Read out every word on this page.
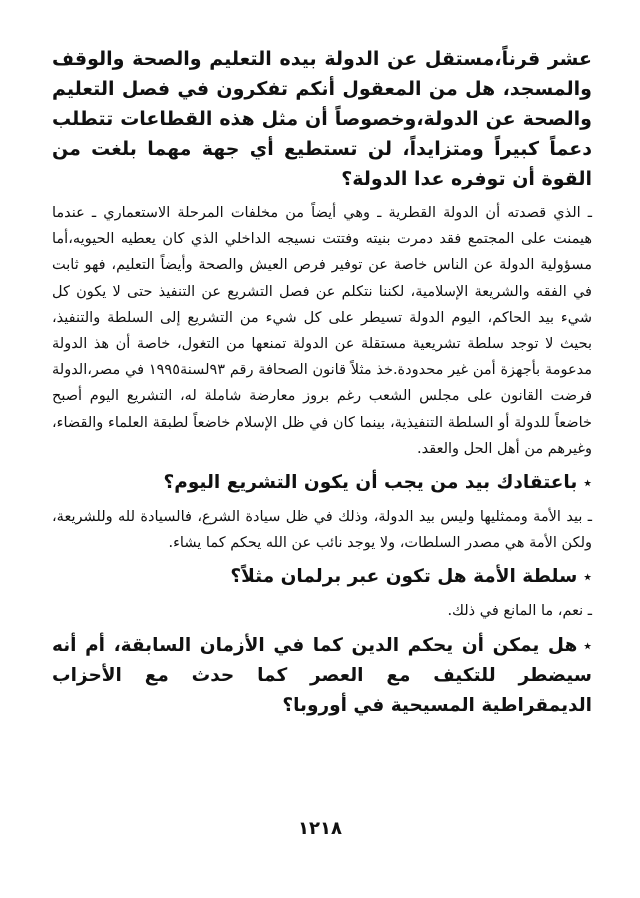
عشر قرناً،مستقل عن الدولة بيده التعليم والصحة والوقف والمسجد، هل من المعقول أنكم تفكرون في فصل التعليم والصحة عن الدولة،وخصوصاً أن مثل هذه القطاعات تتطلب دعماً كبيراً ومتزايداً، لن تستطيع أي جهة مهما بلغت من القوة أن توفره عدا الدولة؟

ـ الذي قصدته أن الدولة القطرية ـ وهي أيضاً من مخلفات المرحلة الاستعماري ـ عندما هيمنت على المجتمع فقد دمرت بنيته وفتتت نسيجه الداخلي الذي كان يعطيه الحيويه،أما مسؤولية الدولة عن الناس خاصة عن توفير فرص العيش والصحة وأيضاً التعليم، فهو ثابت في الفقه والشريعة الإسلامية، لكننا نتكلم عن فصل التشريع عن التنفيذ حتى لا يكون كل شيء بيد الحاكم، اليوم الدولة تسيطر على كل شيء من التشريع إلى السلطة والتنفيذ، بحيث لا توجد سلطة تشريعية مستقلة عن الدولة تمنعها من التغول، خاصة أن هذ الدولة مدعومة بأجهزة أمن غير محدودة.خذ مثلاً قانون الصحافة رقم ٩٣لسنة١٩٩٥ في مصر،الدولة فرضت القانون على مجلس الشعب رغم بروز معارضة شاملة له، التشريع اليوم أصبح خاضعاً للدولة أو السلطة التنفيذية، بينما كان في ظل الإسلام خاضعاً لطبقة العلماء والقضاء، وغيرهم من أهل الحل والعقد.

٭باعتقادك بيد من يجب أن يكون التشريع اليوم؟

ـ بيد الأمة وممثليها وليس بيد الدولة، وذلك في ظل سيادة الشرع، فالسيادة لله وللشريعة، ولكن الأمة هي مصدر السلطات، ولا يوجد نائب عن الله يحكم كما يشاء.

٭سلطة الأمة هل تكون عبر برلمان مثلاً؟

ـ نعم، ما المانع في ذلك.

٭هل يمكن أن يحكم الدين كما في الأزمان السابقة، أم أنه سيضطر للتكيف مع العصر كما حدث مع الأحزاب الديمقراطية المسيحية في أوروبا؟

١٢١٨
